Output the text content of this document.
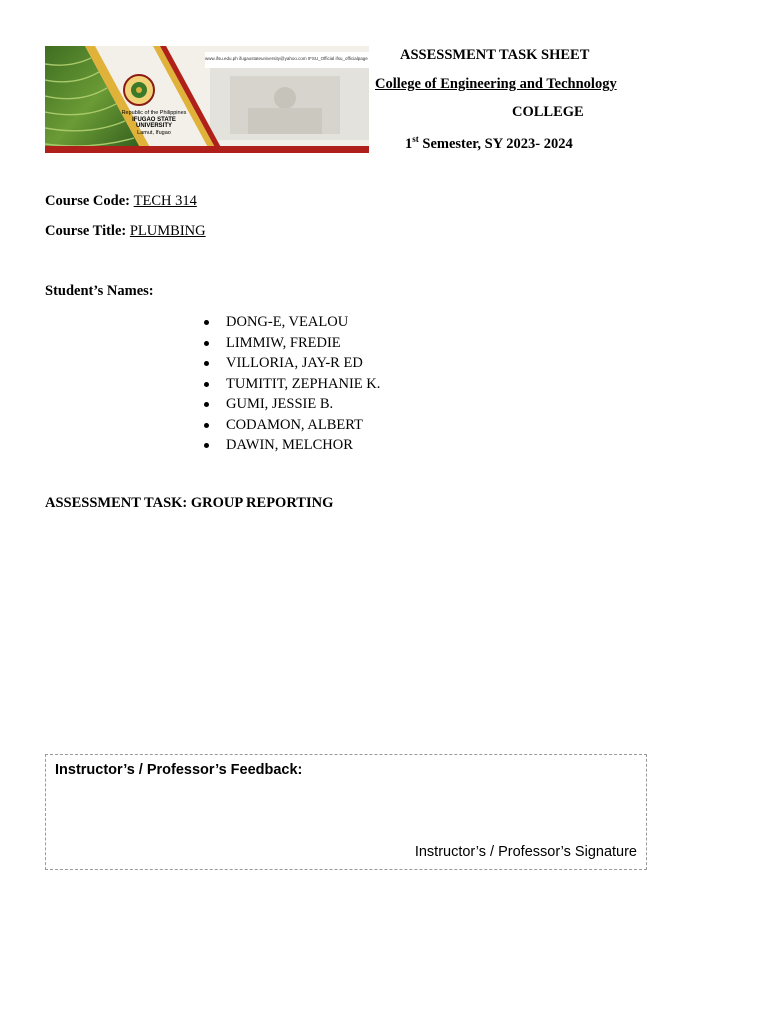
Republic of the Philippines
IFUGAO STATE UNIVERSITY
Lamut, Ifugao
www.ifsu.edu.ph ifugaostateuniversity@yahoo.com IFSU_Official ifsu_officialpage ASSESSMENT TASK SHEET
College of Engineering and Technology
COLLEGE
1st Semester, SY 2023- 2024
Course Code: TECH 314
Course Title: PLUMBING
Student’s Names:
DONG-E, VEALOU
LIMMIW, FREDIE
VILLORIA, JAY-R ED
TUMITIT, ZEPHANIE K.
GUMI, JESSIE B.
CODAMON, ALBERT
DAWIN, MELCHOR
ASSESSMENT TASK: GROUP REPORTING
Instructor’s / Professor’s Feedback:
Instructor’s / Professor’s Signature
